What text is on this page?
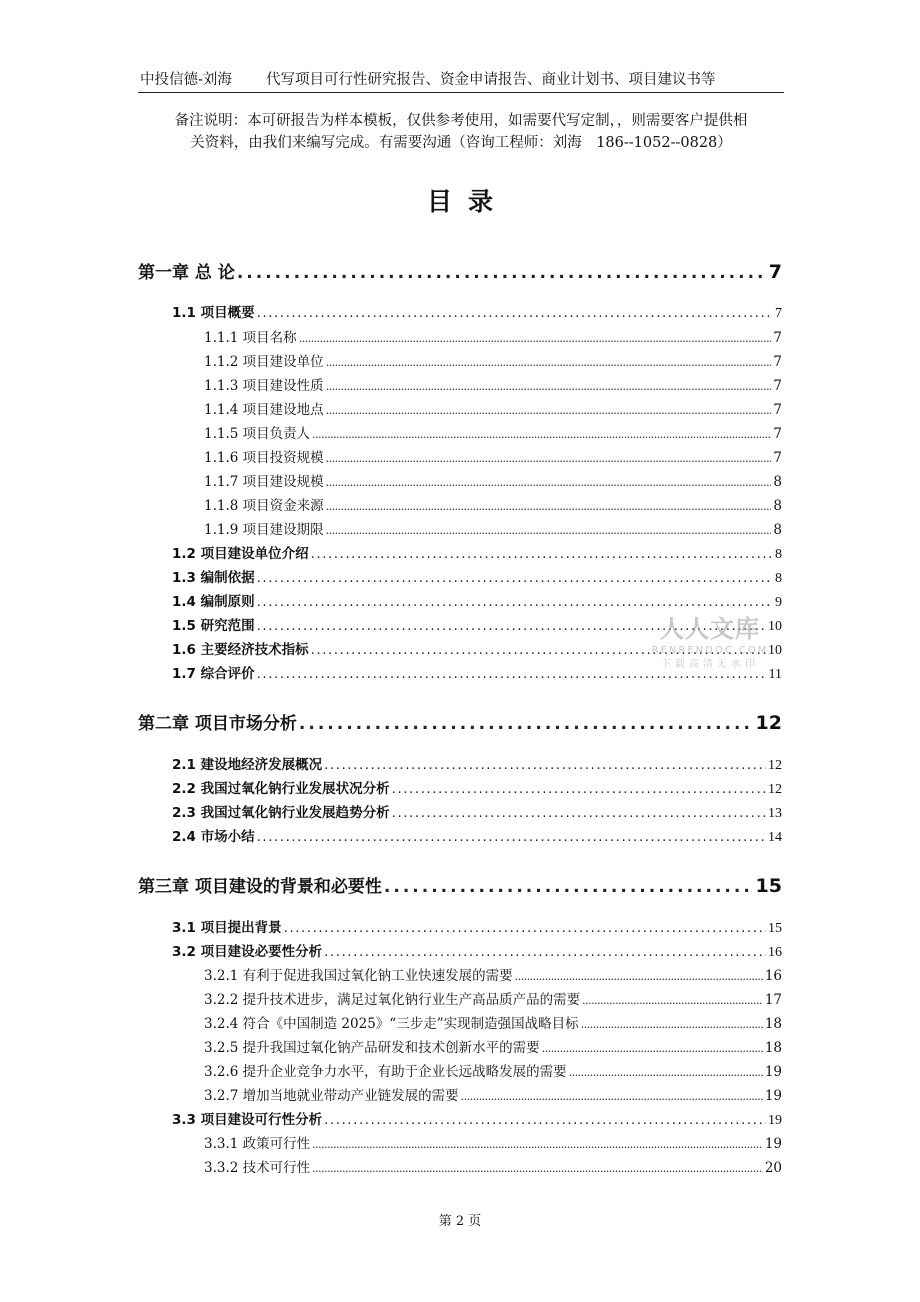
中投信德-刘海 代写项目可行性研究报告、资金申请报告、商业计划书、项目建议书等
备注说明：本可研报告为样本模板，仅供参考使用，如需要代写定制，，则需要客户提供相
关资料，由我们来编写完成。有需要沟通（咨询工程师：刘海　186--1052--0828）
目录
第一章 总 论 .....	7
1.1 项目概要 .....	7
1.1.1 项目名称 .....	7
1.1.2 项目建设单位 .....	7
1.1.3 项目建设性质 .....	7
1.1.4 项目建设地点 .....	7
1.1.5 项目负责人 .....	7
1.1.6 项目投资规模 .....	7
1.1.7 项目建设规模 .....	8
1.1.8 项目资金来源 .....	8
1.1.9 项目建设期限 .....	8
1.2 项目建设单位介绍 .....	8
1.3 编制依据 .....	8
1.4 编制原则 .....	9
1.5 研究范围 .....	10
1.6 主要经济技术指标 .....	10
1.7 综合评价 .....	11
第二章 项目市场分析 .....	12
2.1 建设地经济发展概况 .....	12
2.2 我国过氧化钠行业发展状况分析 .....	12
2.3 我国过氧化钠行业发展趋势分析 .....	13
2.4 市场小结 .....	14
第三章 项目建设的背景和必要性 .....	15
3.1 项目提出背景 .....	15
3.2 项目建设必要性分析 .....	16
3.2.1 有利于促进我国过氧化钠工业快速发展的需要 .....	16
3.2.2 提升技术进步，满足过氧化钠行业生产高品质产品的需要 .....	17
3.2.4 符合《中国制造 2025》“三步走”实现制造强国战略目标 .....	18
3.2.5 提升我国过氧化钠产品研发和技术创新水平的需要 .....	18
3.2.6 提升企业竞争力水平，有助于企业长远战略发展的需要 .....	19
3.2.7 增加当地就业带动产业链发展的需要 .....	19
3.3 项目建设可行性分析 .....	19
3.3.1 政策可行性 .....	19
3.3.2 技术可行性 .....	20
人人文库
RENRENDOC.COM
下载高清无水印
第 2 页
